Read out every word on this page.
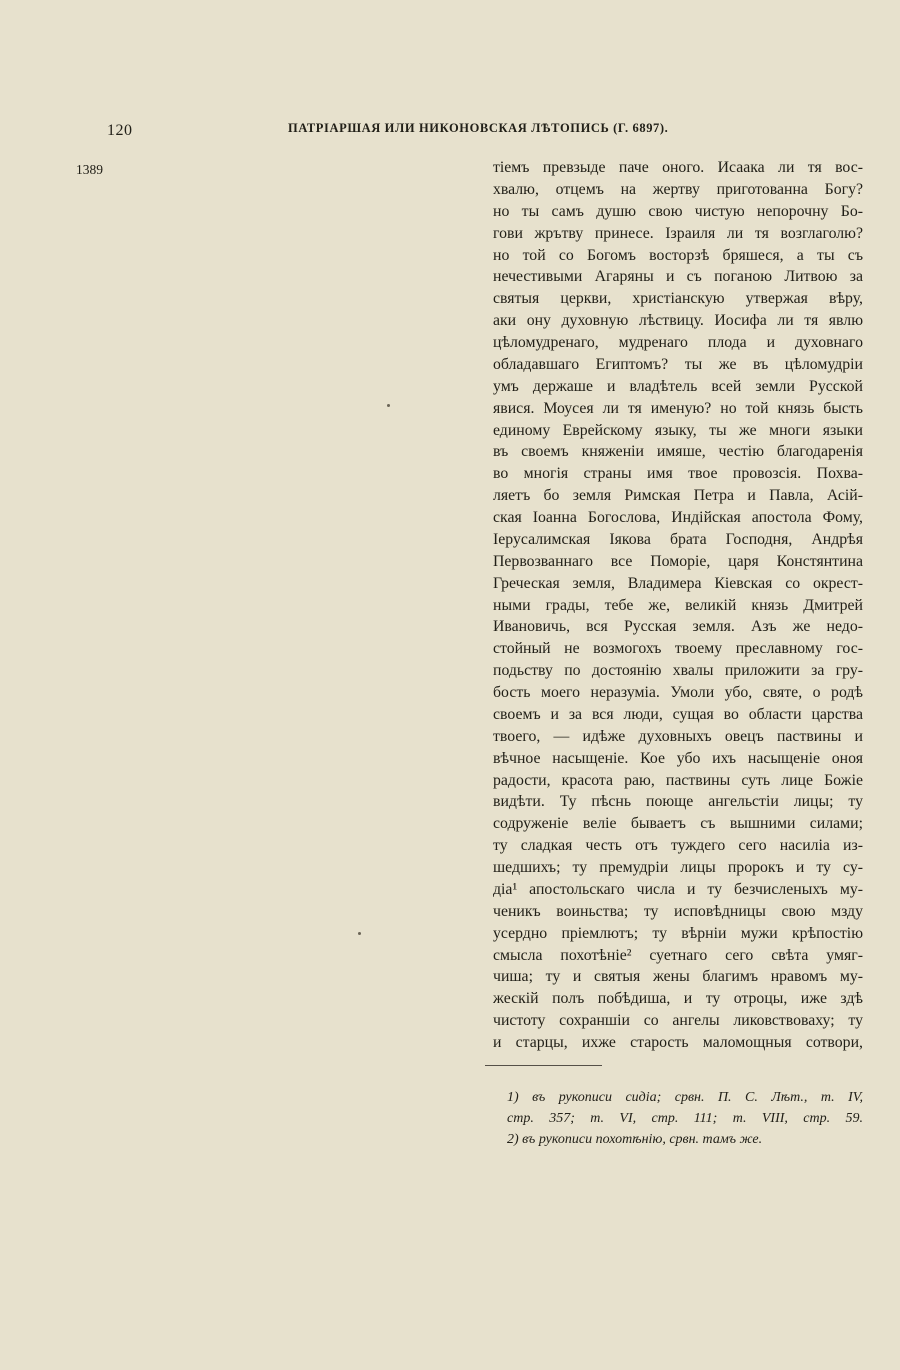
120	ПАТРІАРШАЯ ИЛИ НИКОНОВСКАЯ ЛѢТОПИСЬ (Г. 6897).
1389	тіемъ превзыде паче оного. Исаака ли тя вос-
хвалю, отцемъ на жертву приготованна Богу?
но ты самъ душю свою чистую непорочну Бо-
гови жрътву принесе. Ізраиля ли тя возглаголю?
но той со Богомъ восторзѣ бряшеся, а ты съ
нечестивыми Агаряны и съ поганою Литвою за
святыя церкви, христіанскую утвержая вѣру,
аки ону духовную лѣствицу. Иосифа ли тя явлю
цѣломудренаго, мудренаго плода и духовнаго
обладавшаго Египтомъ? ты же въ цѣломудріи
умъ держаше и владѣтель всей земли Русской
явися. Моусея ли тя именую? но той князь бысть
единому Еврейскому языку, ты же многи языки
въ своемъ княженіи имяше, честію благодаренія
во многія страны имя твое провозсія. Похва-
ляетъ бо земля Римская Петра и Павла, Асій-
ская Іоанна Богослова, Индійская апостола Фому,
Іерусалимская Іякова брата Господня, Андрѣя
Первозваннаго все Поморіе, царя Констянтина
Греческая земля, Владимера Кіевская со окрест-
ными грады, тебе же, великій князь Дмитрей
Ивановичь, вся Русская земля. Азъ же недо-
стойный не возмогохъ твоему преславному гос-
подьству по достоянію хвалы приложити за гру-
бость моего неразуміа. Умоли убо, святе, о родѣ
своемъ и за вся люди, сущая во области царства
твоего, — идѣже духовныхъ овецъ паствины и
вѣчное насыщеніе. Кое убо ихъ насыщеніе оноя
радости, красота раю, паствины суть лице Божіе
видѣти. Ту пѣснь поюще ангельстіи лицы; ту
содруженіе веліе бываетъ съ вышними силами;
ту сладкая честь отъ туждего сего насиліа из-
шедшихъ; ту премудріи лицы пророкъ и ту су-
діа¹ апостольскаго числа и ту безчисленыхъ му-
ченикъ воиньства; ту исповѣдницы свою мзду
усердно пріемлютъ; ту вѣрніи мужи крѣпостію
смысла похотѣніе² суетнаго сего свѣта умяг-
чиша; ту и святыя жены благимъ нравомъ му-
жескій полъ побѣдиша, и ту отроцы, иже здѣ
чистоту сохраншіи со ангелы ликовствоваху; ту
и старцы, ихже старость маломощныя сотвори,
1) въ рукописи сидіа; срвн. П. С. Лѣт., т. IV,
стр. 357; т. VI, стр. 111; т. VIII, стр. 59.
2) въ рукописи похотѣнію, срвн. тамъ же.
